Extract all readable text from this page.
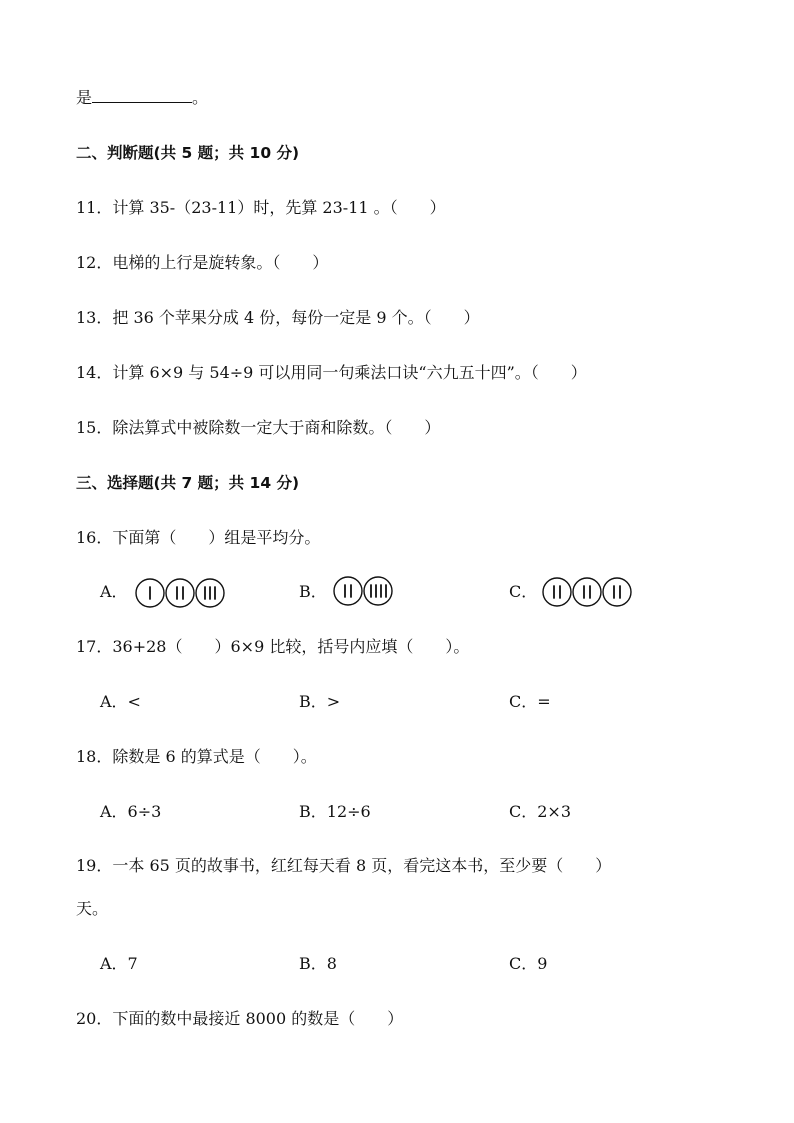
是	。
二、判断题(共 5 题；共 10 分)
11．计算 35-（23-11）时，先算 23-11 。（　　）
12．电梯的上行是旋转象。（　　）
13．把 36 个苹果分成 4 份，每份一定是 9 个。（　　）
14．计算 6×9 与 54÷9 可以用同一句乘法口诀“六九五十四”。（　　）
15．除法算式中被除数一定大于商和除数。（　　）
三、选择题(共 7 题；共 14 分)
16．下面第（　　）组是平均分。
A．	B．	C．
17．36+28（　　）6×9 比较，括号内应填（　　）。
A．<	B．>	C．=
18．除数是 6 的算式是（　　）。
A．6÷3	B．12÷6	C．2×3
19．一本 65 页的故事书，红红每天看 8 页，看完这本书，至少要（　　）
天。
A．7	B．8	C．9
20．下面的数中最接近 8000 的数是（　　）
